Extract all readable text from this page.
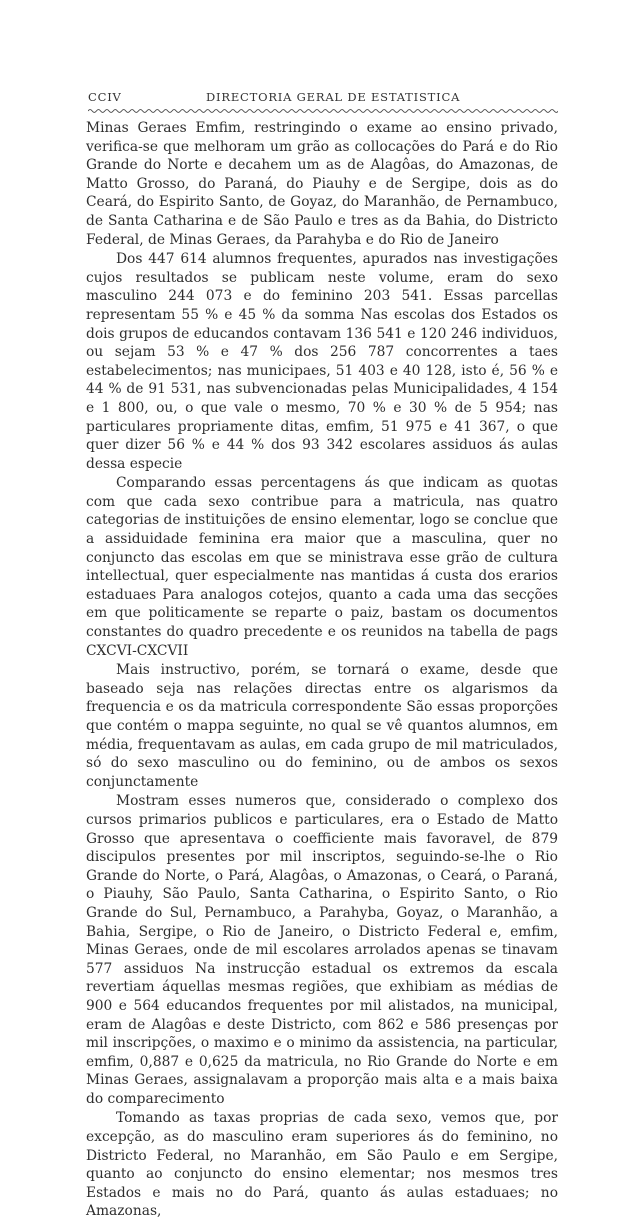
CCIV	DIRECTORIA GERAL DE ESTATISTICA

Minas Geraes Emfim, restringindo o exame ao ensino privado, verifica-se que melhoram um grão as collocações do Pará e do Rio Grande do Norte e decahem um as de Alagôas, do Amazonas, de Matto Grosso, do Paraná, do Piauhy e de Sergipe, dois as do Ceará, do Espirito Santo, de Goyaz, do Maranhão, de Pernambuco, de Santa Catharina e de São Paulo e tres as da Bahia, do Districto Federal, de Minas Geraes, da Parahyba e do Rio de Janeiro

Dos 447 614 alumnos frequentes, apurados nas investigações cujos resultados se publicam neste volume, eram do sexo masculino 244 073 e do feminino 203 541. Essas parcellas representam 55 % e 45 % da somma Nas escolas dos Estados os dois grupos de educandos contavam 136 541 e 120 246 individuos, ou sejam 53 % e 47 % dos 256 787 concorrentes a taes estabelecimentos; nas municipaes, 51 403 e 40 128, isto é, 56 % e 44 % de 91 531, nas subvencionadas pelas Municipalidades, 4 154 e 1 800, ou, o que vale o mesmo, 70 % e 30 % de 5 954; nas particulares propriamente ditas, emfim, 51 975 e 41 367, o que quer dizer 56 % e 44 % dos 93 342 escolares assiduos ás aulas dessa especie

Comparando essas percentagens ás que indicam as quotas com que cada sexo contribue para a matricula, nas quatro categorias de instituições de ensino elementar, logo se conclue que a assiduidade feminina era maior que a masculina, quer no conjuncto das escolas em que se ministrava esse grão de cultura intellectual, quer especialmente nas mantidas á custa dos erarios estaduaes Para analogos cotejos, quanto a cada uma das secções em que politicamente se reparte o paiz, bastam os documentos constantes do quadro precedente e os reunidos na tabella de pags CXCVI-CXCVII

Mais instructivo, porém, se tornará o exame, desde que baseado seja nas relações directas entre os algarismos da frequencia e os da matricula correspondente São essas proporções que contém o mappa seguinte, no qual se vê quantos alumnos, em média, frequentavam as aulas, em cada grupo de mil matriculados, só do sexo masculino ou do feminino, ou de ambos os sexos conjunctamente

Mostram esses numeros que, considerado o complexo dos cursos primarios publicos e particulares, era o Estado de Matto Grosso que apresentava o coefficiente mais favoravel, de 879 discipulos presentes por mil inscriptos, seguindo-se-lhe o Rio Grande do Norte, o Pará, Alagôas, o Amazonas, o Ceará, o Paraná, o Piauhy, São Paulo, Santa Catharina, o Espirito Santo, o Rio Grande do Sul, Pernambuco, a Parahyba, Goyaz, o Maranhão, a Bahia, Sergipe, o Rio de Janeiro, o Districto Federal e, emfim, Minas Geraes, onde de mil escolares arrolados apenas se tinavam 577 assiduos Na instrucção estadual os extremos da escala revertiam áquellas mesmas regiões, que exhibiam as médias de 900 e 564 educandos frequentes por mil alistados, na municipal, eram de Alagôas e deste Districto, com 862 e 586 presenças por mil inscripções, o maximo e o minimo da assistencia, na particular, emfim, 0,887 e 0,625 da matricula, no Rio Grande do Norte e em Minas Geraes, assignalavam a proporção mais alta e a mais baixa do comparecimento

Tomando as taxas proprias de cada sexo, vemos que, por excepção, as do masculino eram superiores ás do feminino, no Districto Federal, no Maranhão, em São Paulo e em Sergipe, quanto ao conjuncto do ensino elementar; nos mesmos tres Estados e mais no do Pará, quanto ás aulas estaduaes; no Amazonas,
